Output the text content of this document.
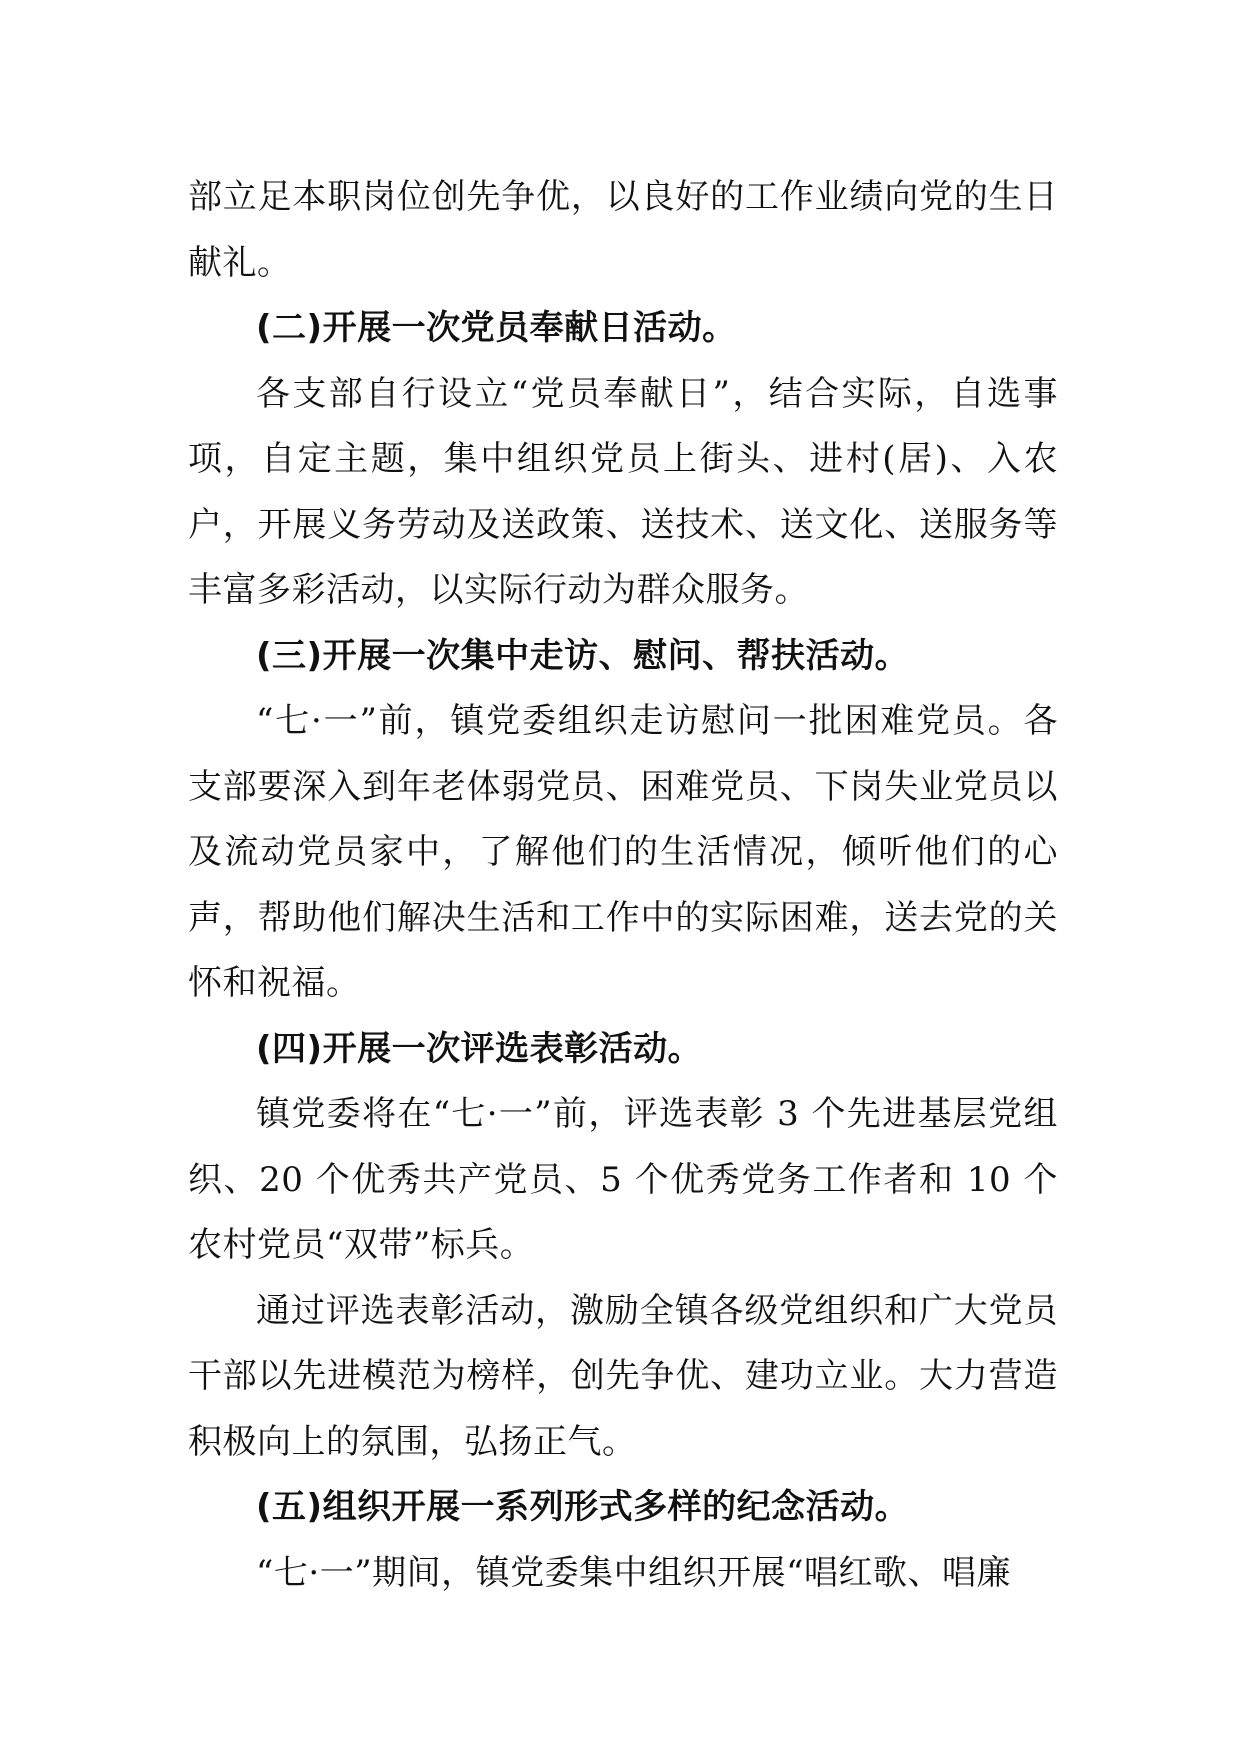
部立足本职岗位创先争优，以良好的工作业绩向党的生日献礼。

(二)开展一次党员奉献日活动。

各支部自行设立“党员奉献日”，结合实际，自选事项，自定主题，集中组织党员上街头、进村(居)、入农户，开展义务劳动及送政策、送技术、送文化、送服务等丰富多彩活动，以实际行动为群众服务。

(三)开展一次集中走访、慰问、帮扶活动。

“七·一”前，镇党委组织走访慰问一批困难党员。各支部要深入到年老体弱党员、困难党员、下岗失业党员以及流动党员家中，了解他们的生活情况，倾听他们的心声，帮助他们解决生活和工作中的实际困难，送去党的关怀和祝福。

(四)开展一次评选表彰活动。

镇党委将在“七·一”前，评选表彰 3 个先进基层党组织、20 个优秀共产党员、5 个优秀党务工作者和 10 个农村党员“双带”标兵。

通过评选表彰活动，激励全镇各级党组织和广大党员干部以先进模范为榜样，创先争优、建功立业。大力营造积极向上的氛围，弘扬正气。

(五)组织开展一系列形式多样的纪念活动。

“七·一”期间，镇党委集中组织开展“唱红歌、唱廉
